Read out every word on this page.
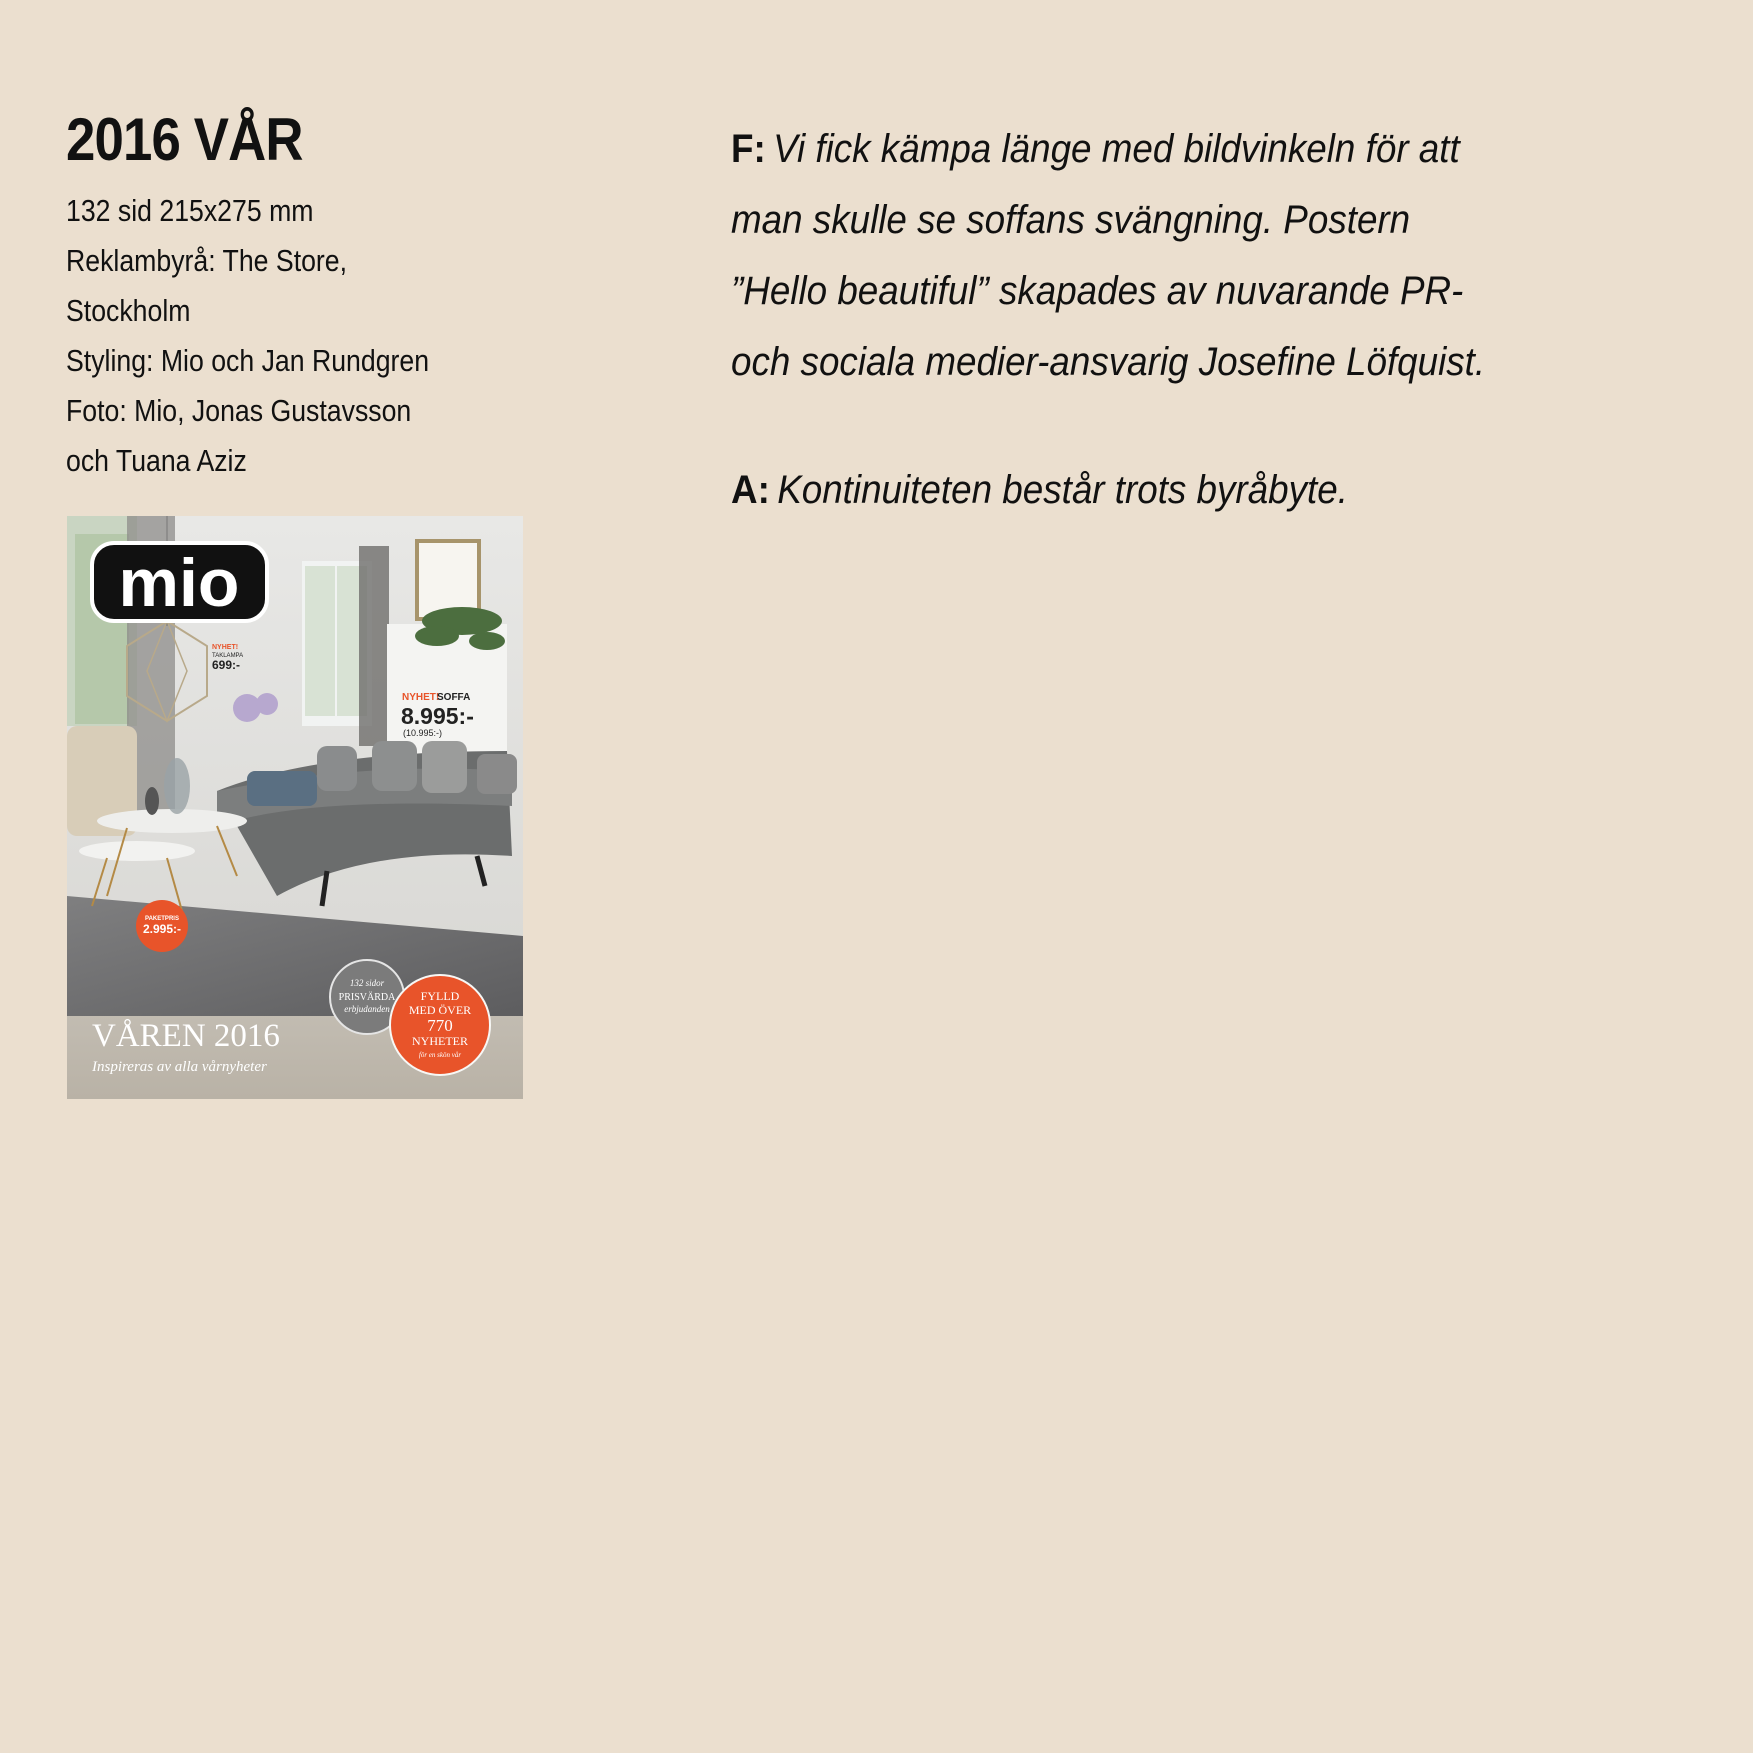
2016 VÅR
132 sid 215x275 mm
Reklambyrå: The Store,
Stockholm
Styling: Mio och Jan Rundgren
Foto: Mio, Jonas Gustavsson
och Tuana Aziz
mio
NYHET!
TAKLAMPA
699:-
NYHET!
SOFFA
8.995:-
(10.995:-)
PAKETPRIS
2.995:-
132 sidor
PRISVÄRDA
erbjudanden
FYLLD
MED ÖVER
770
NYHETER
för en skön vår
VÅREN 2016
Inspireras av alla vårnyheter

F: Vi fick kämpa länge med bildvinkeln för att

man skulle se soffans svängning. Postern

”Hello beautiful” skapades av nuvarande PR-

och sociala medier-ansvarig Josefine Löfquist.

A: Kontinuiteten består trots byråbyte.
